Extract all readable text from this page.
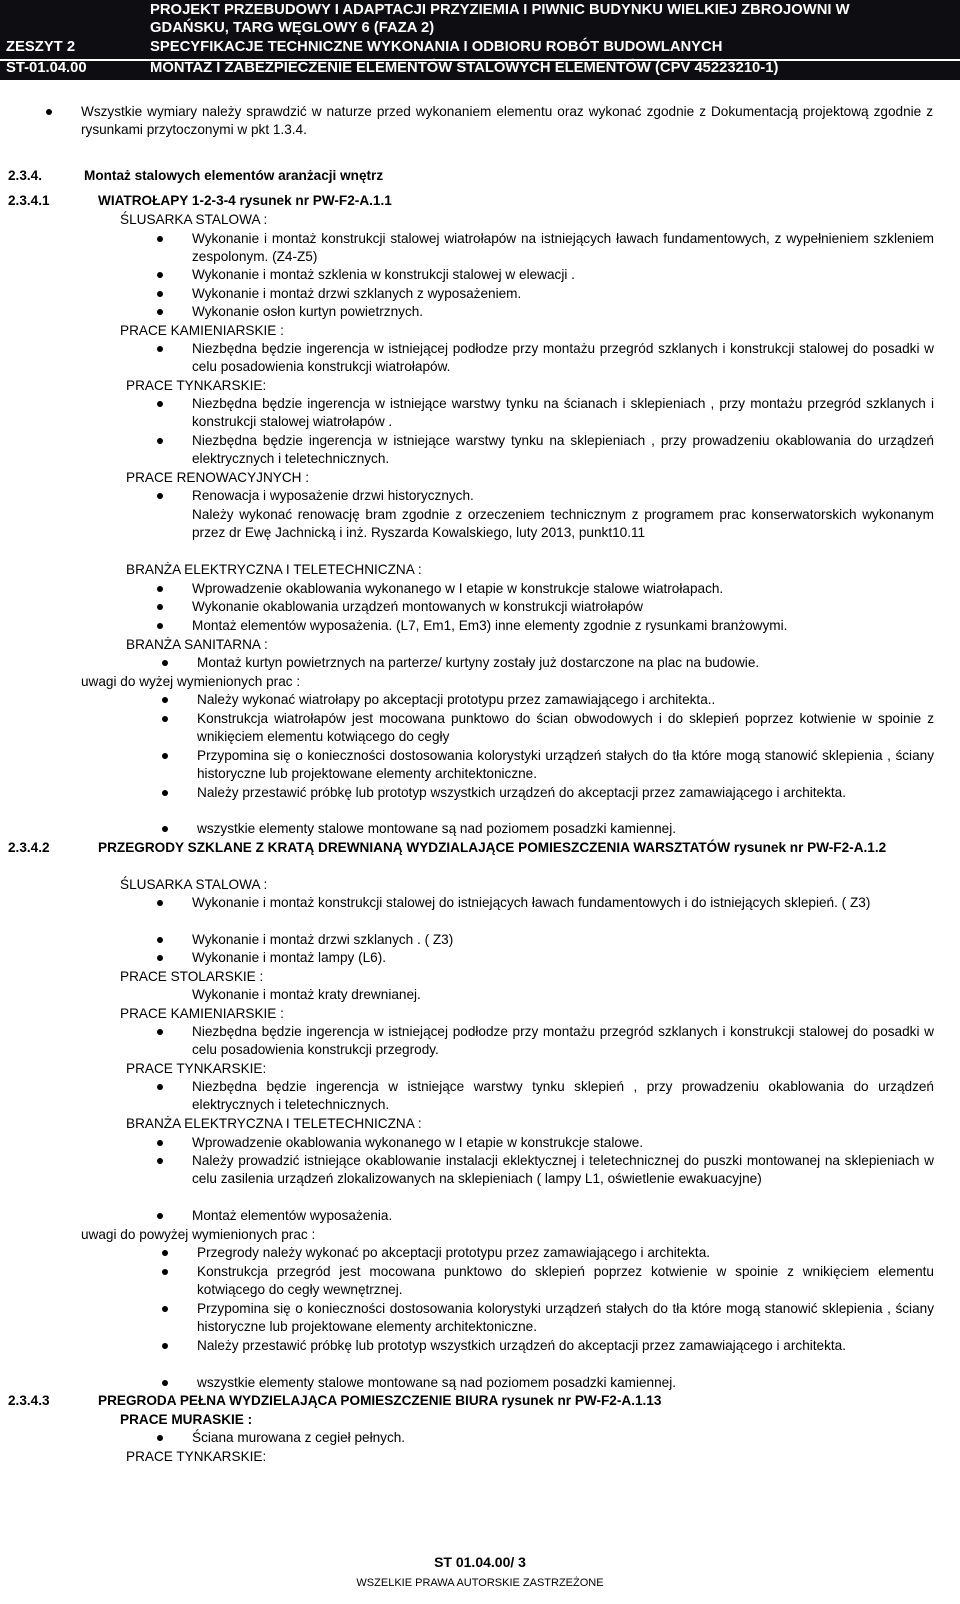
PROJEKT PRZEBUDOWY I ADAPTACJI PRZYZIEMIA I PIWNIC BUDYNKU WIELKIEJ ZBROJOWNI W
GDAŃSKU, TARG WĘGLOWY 6 (FAZA 2)
ZESZYT 2	SPECYFIKACJE TECHNICZNE WYKONANIA I ODBIORU ROBÓT BUDOWLANYCH
ST-01.04.00	MONTAŻ I ZABEZPIECZENIE ELEMENTÓW STALOWYCH ELEMENTÓW (CPV 45223210-1)
Wszystkie wymiary należy sprawdzić w naturze przed wykonaniem elementu oraz wykonać zgodnie z Dokumentacją projektową zgodnie z rysunkami przytoczonymi w pkt 1.3.4.
2.3.4.	Montaż stalowych elementów aranżacji wnętrz
2.3.4.1	WIATROŁAPY 1-2-3-4 rysunek nr PW-F2-A.1.1
ŚLUSARKA STALOWA :
Wykonanie i montaż konstrukcji stalowej wiatrołapów na istniejących ławach fundamentowych, z wypełnieniem szkleniem zespolonym. (Z4-Z5)
Wykonanie i montaż szklenia w konstrukcji stalowej w elewacji .
Wykonanie i montaż drzwi szklanych z wyposażeniem.
Wykonanie osłon kurtyn powietrznych.
PRACE KAMIENIARSKIE :
Niezbędna będzie ingerencja w istniejącej podłodze przy montażu przegród szklanych i konstrukcji stalowej do posadki w celu posadowienia konstrukcji wiatrołapów.
PRACE TYNKARSKIE:
Niezbędna będzie ingerencja w istniejące warstwy tynku na ścianach i sklepieniach , przy montażu przegród szklanych i konstrukcji stalowej wiatrołapów .
Niezbędna będzie ingerencja w istniejące warstwy tynku na sklepieniach , przy prowadzeniu okablowania do urządzeń elektrycznych i teletechnicznych.
PRACE RENOWACYJNYCH :
Renowacja i wyposażenie drzwi historycznych.
Należy wykonać renowację bram zgodnie z orzeczeniem technicznym z programem prac konserwatorskich wykonanym przez dr Ewę Jachnicką i inż. Ryszarda Kowalskiego, luty 2013, punkt10.11
BRANŻA ELEKTRYCZNA I TELETECHNICZNA :
Wprowadzenie okablowania wykonanego w I etapie w konstrukcje stalowe wiatrołapach.
Wykonanie okablowania urządzeń montowanych w konstrukcji wiatrołapów
Montaż elementów wyposażenia. (L7, Em1, Em3) inne elementy zgodnie z rysunkami branżowymi.
BRANŻA SANITARNA :
Montaż kurtyn powietrznych na parterze/ kurtyny zostały już dostarczone na plac na budowie.
uwagi do wyżej wymienionych prac :
Należy wykonać wiatrołapy po akceptacji prototypu przez zamawiającego i architekta..
Konstrukcja wiatrołapów jest mocowana punktowo do ścian obwodowych i do sklepień poprzez kotwienie w spoinie z wnikięciem elementu kotwiącego do cegły
Przypomina się o konieczności dostosowania kolorystyki urządzeń stałych do tła które mogą stanowić sklepienia , ściany historyczne lub projektowane elementy architektoniczne.
Należy przestawić próbkę lub prototyp wszystkich urządzeń do akceptacji przez zamawiającego i architekta.
wszystkie elementy stalowe montowane są nad poziomem posadzki kamiennej.
2.3.4.2	PRZEGRODY SZKLANE Z KRATĄ DREWNIANĄ WYDZIALAJĄCE POMIESZCZENIA WARSZTATÓW rysunek nr PW-F2-A.1.2
ŚLUSARKA STALOWA :
Wykonanie i montaż konstrukcji stalowej do istniejących ławach fundamentowych i do istniejących sklepień. ( Z3)
Wykonanie i montaż drzwi szklanych . ( Z3)
Wykonanie i montaż lampy (L6).
PRACE STOLARSKIE :
Wykonanie i montaż kraty drewnianej.
PRACE KAMIENIARSKIE :
Niezbędna będzie ingerencja w istniejącej podłodze przy montażu przegród szklanych i konstrukcji stalowej do posadki w celu posadowienia konstrukcji przegrody.
PRACE TYNKARSKIE:
Niezbędna będzie ingerencja w istniejące warstwy tynku sklepień , przy prowadzeniu okablowania do urządzeń elektrycznych i teletechnicznych.
BRANŻA ELEKTRYCZNA I TELETECHNICZNA :
Wprowadzenie okablowania wykonanego w I etapie w konstrukcje stalowe.
Należy prowadzić istniejące okablowanie instalacji eklektycznej i teletechnicznej do puszki montowanej na sklepieniach w celu zasilenia urządzeń zlokalizowanych na sklepieniach ( lampy L1, oświetlenie ewakuacyjne)
Montaż elementów wyposażenia.
uwagi do powyżej wymienionych prac :
Przegrody należy wykonać po akceptacji prototypu przez zamawiającego i architekta.
Konstrukcja przegród jest mocowana punktowo do sklepień poprzez kotwienie w spoinie z wnikięciem elementu kotwiącego do cegły wewnętrznej.
Przypomina się o konieczności dostosowania kolorystyki urządzeń stałych do tła które mogą stanowić sklepienia , ściany historyczne lub projektowane elementy architektoniczne.
Należy przestawić próbkę lub prototyp wszystkich urządzeń do akceptacji przez zamawiającego i architekta.
wszystkie elementy stalowe montowane są nad poziomem posadzki kamiennej.
2.3.4.3	PREGRODA PEŁNA WYDZIELAJĄCA POMIESZCZENIE BIURA rysunek nr PW-F2-A.1.13
PRACE MURASKIE :
Ściana murowana z cegieł pełnych.
PRACE TYNKARSKIE:
ST 01.04.00/ 3
WSZELKIE PRAWA AUTORSKIE ZASTRZEŻONE
